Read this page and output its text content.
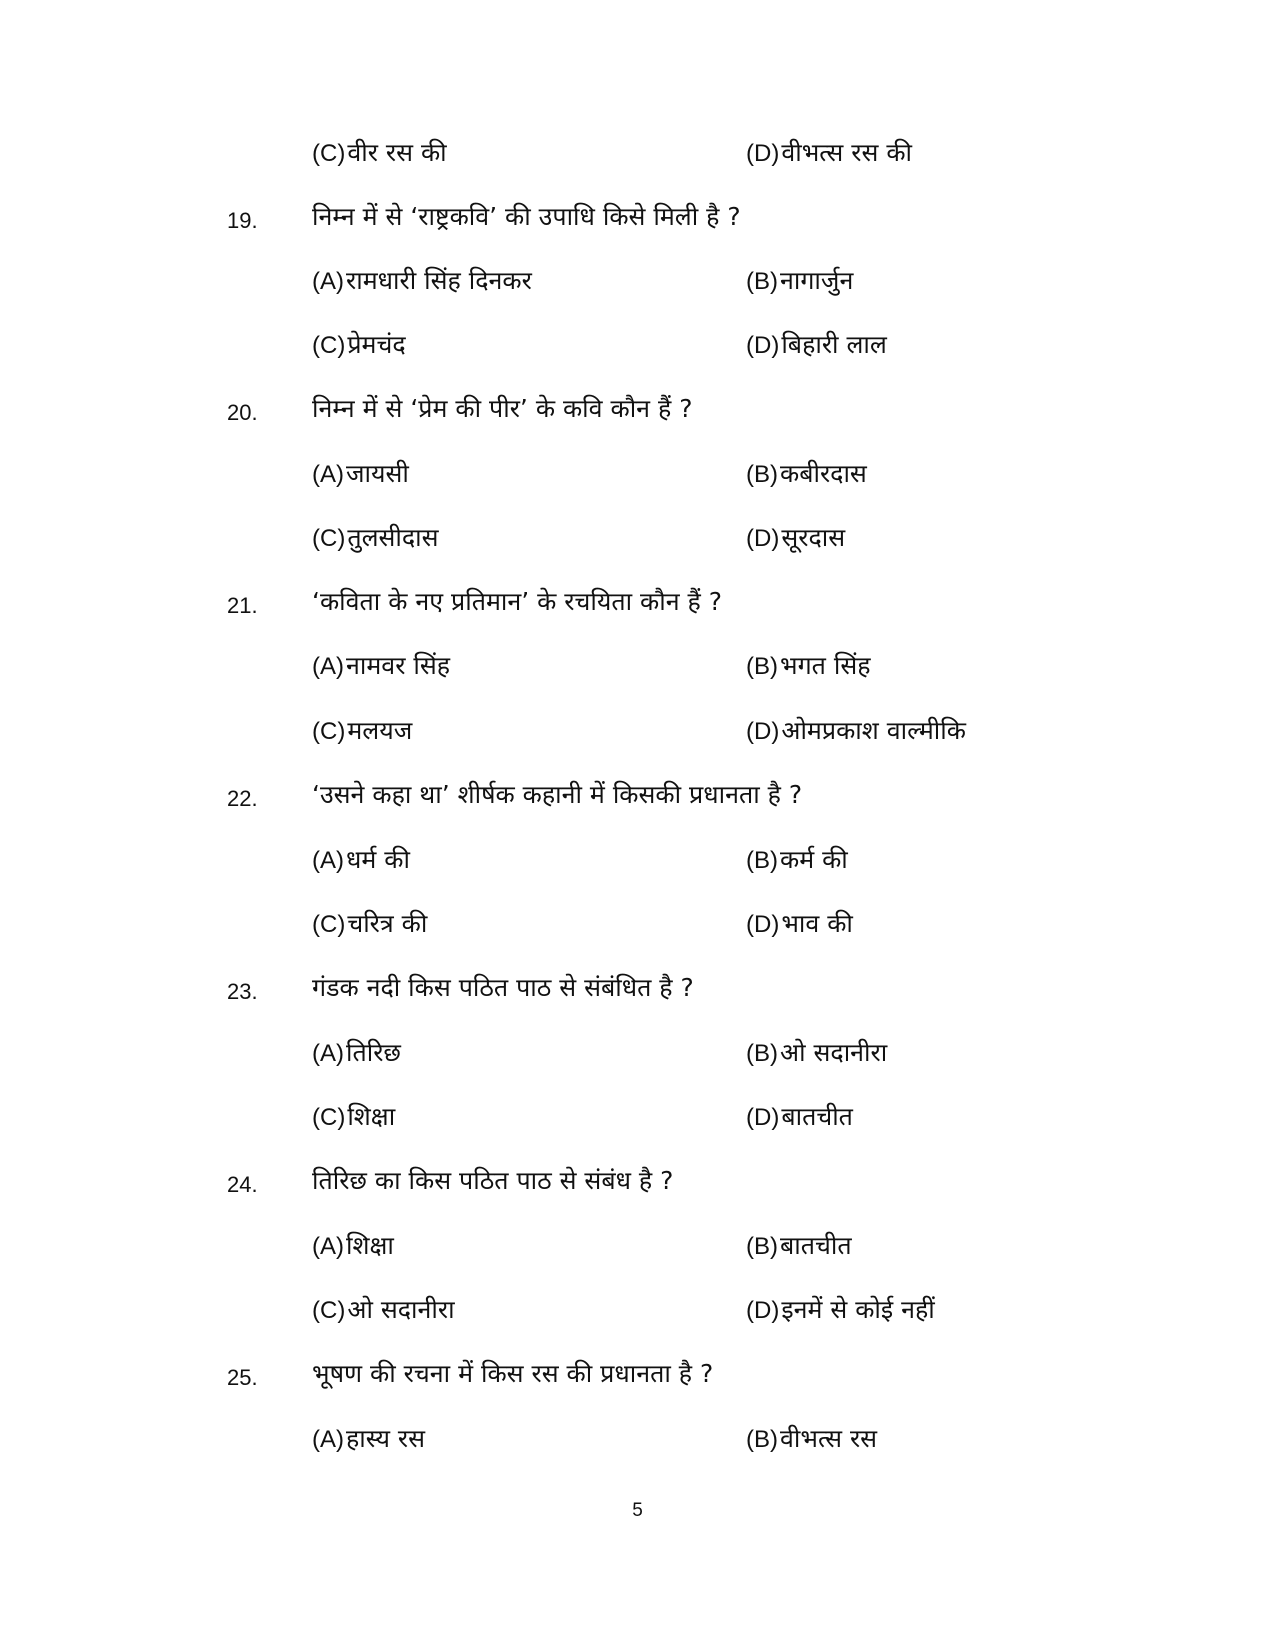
(C)वीर रस की	(D)वीभत्स रस की
19. निम्न में से ‘राष्ट्रकवि’ की उपाधि किसे मिली है ?
(A)रामधारी सिंह दिनकर	(B)नागार्जुन
(C)प्रेमचंद	(D)बिहारी लाल
20. निम्न में से ‘प्रेम की पीर’ के कवि कौन हैं ?
(A)जायसी	(B)कबीरदास
(C)तुलसीदास	(D)सूरदास
21. ‘कविता के नए प्रतिमान’ के रचयिता कौन हैं ?
(A)नामवर सिंह	(B)भगत सिंह
(C)मलयज	(D)ओमप्रकाश वाल्मीकि
22. ‘उसने कहा था’ शीर्षक कहानी में किसकी प्रधानता है ?
(A)धर्म की	(B)कर्म की
(C)चरित्र की	(D)भाव की
23. गंडक नदी किस पठित पाठ से संबंधित है ?
(A)तिरिछ	(B)ओ सदानीरा
(C)शिक्षा	(D)बातचीत
24. तिरिछ का किस पठित पाठ से संबंध है ?
(A)शिक्षा	(B)बातचीत
(C)ओ सदानीरा	(D)इनमें से कोई नहीं
25. भूषण की रचना में किस रस की प्रधानता है ?
(A)हास्य रस	(B)वीभत्स रस
5
